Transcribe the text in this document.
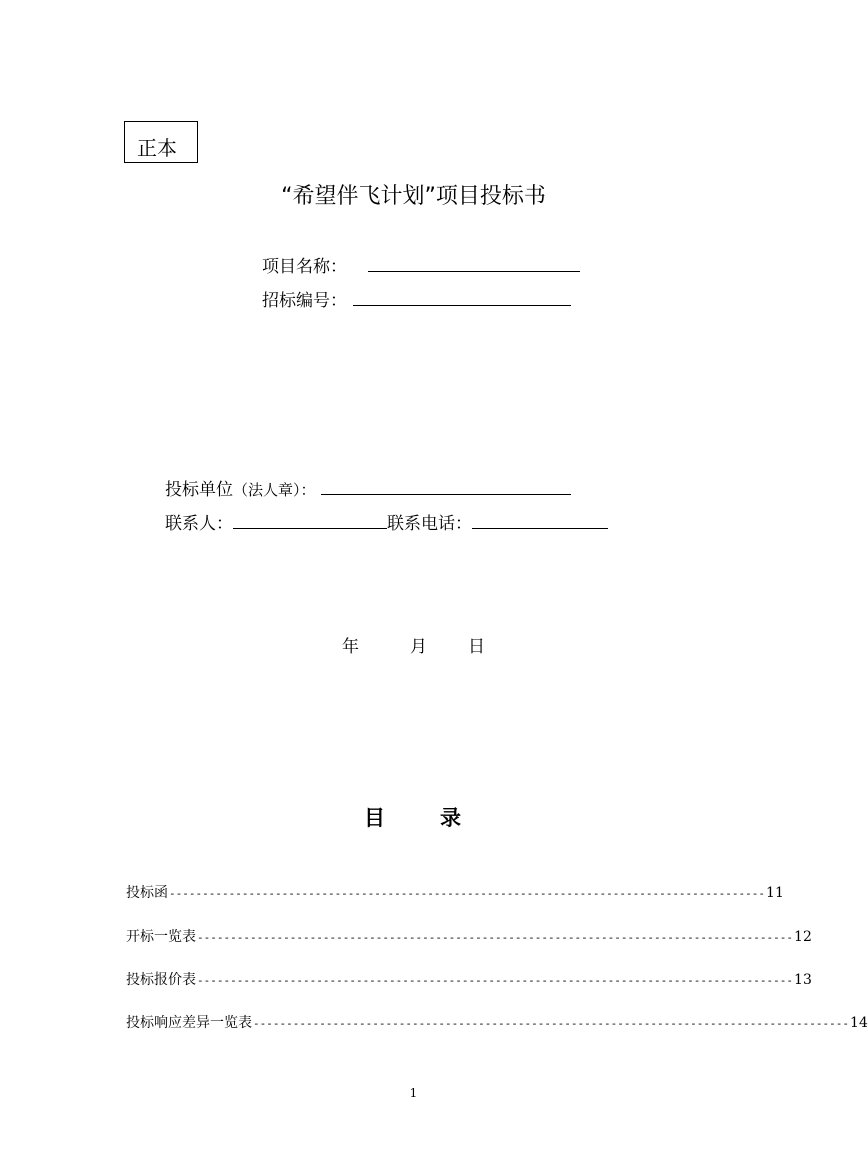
正本
“希望伴飞计划”项目投标书
项目名称：
招标编号：
投标单位（法人章）：
联系人：	联系电话：
年	月 日
目	录
投标函 ------------------------------------------------------------------------------------------ 11
开标一览表 ------------------------------------------------------------------------------------------ 12
投标报价表 ------------------------------------------------------------------------------------------ 13
投标响应差异一览表 ------------------------------------------------------------------------------------------ 14
1
